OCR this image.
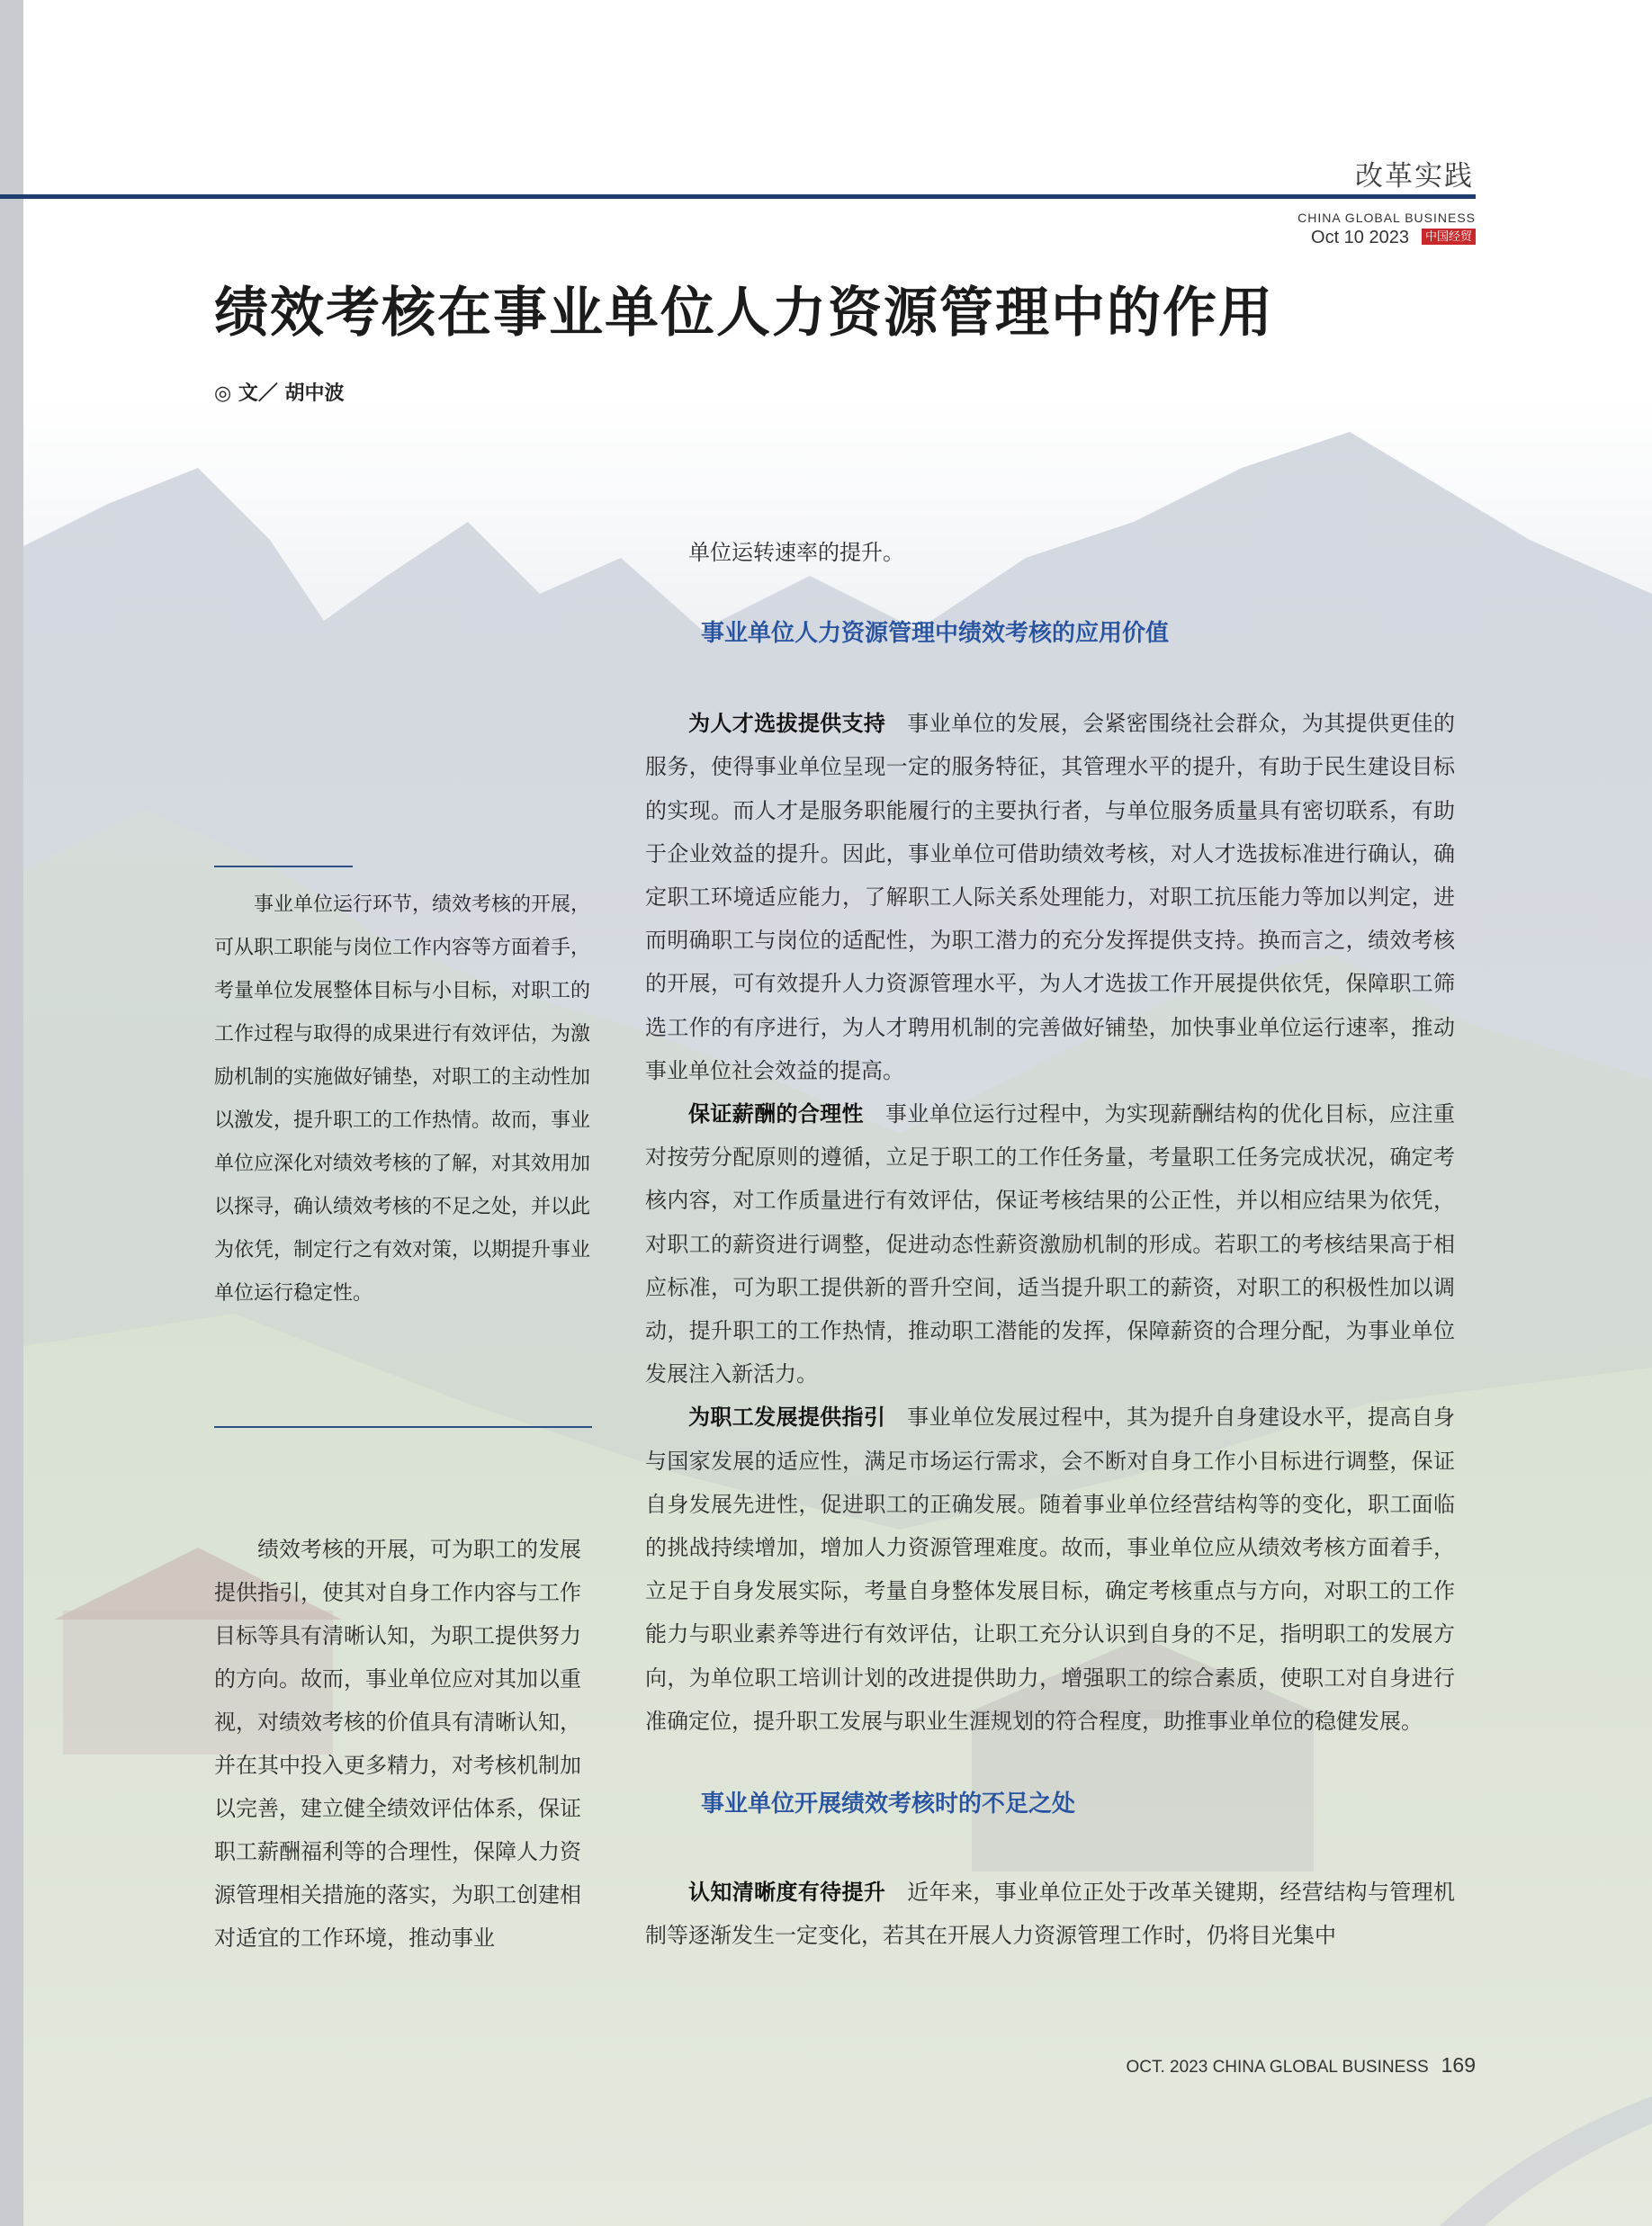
改革实践
CHINA GLOBAL BUSINESS
Oct 10 2023 中国经贸
绩效考核在事业单位人力资源管理中的作用
◎ 文／ 胡中波

事业单位运行环节，绩效考核的开展，可从职工职能与岗位工作内容等方面着手，考量单位发展整体目标与小目标，对职工的工作过程与取得的成果进行有效评估，为激励机制的实施做好铺垫，对职工的主动性加以激发，提升职工的工作热情。故而，事业单位应深化对绩效考核的了解，对其效用加以探寻，确认绩效考核的不足之处，并以此为依凭，制定行之有效对策，以期提升事业单位运行稳定性。

绩效考核的开展，可为职工的发展提供指引，使其对自身工作内容与工作目标等具有清晰认知，为职工提供努力的方向。故而，事业单位应对其加以重视，对绩效考核的价值具有清晰认知，并在其中投入更多精力，对考核机制加以完善，建立健全绩效评估体系，保证职工薪酬福利等的合理性，保障人力资源管理相关措施的落实，为职工创建相对适宜的工作环境，推动事业

单位运转速率的提升。

事业单位人力资源管理中绩效考核的应用价值

为人才选拔提供支持 事业单位的发展，会紧密围绕社会群众，为其提供更佳的服务，使得事业单位呈现一定的服务特征，其管理水平的提升，有助于民生建设目标的实现。而人才是服务职能履行的主要执行者，与单位服务质量具有密切联系，有助于企业效益的提升。因此，事业单位可借助绩效考核，对人才选拔标准进行确认，确定职工环境适应能力，了解职工人际关系处理能力，对职工抗压能力等加以判定，进而明确职工与岗位的适配性，为职工潜力的充分发挥提供支持。换而言之，绩效考核的开展，可有效提升人力资源管理水平，为人才选拔工作开展提供依凭，保障职工筛选工作的有序进行，为人才聘用机制的完善做好铺垫，加快事业单位运行速率，推动事业单位社会效益的提高。

保证薪酬的合理性 事业单位运行过程中，为实现薪酬结构的优化目标，应注重对按劳分配原则的遵循，立足于职工的工作任务量，考量职工任务完成状况，确定考核内容，对工作质量进行有效评估，保证考核结果的公正性，并以相应结果为依凭，对职工的薪资进行调整，促进动态性薪资激励机制的形成。若职工的考核结果高于相应标准，可为职工提供新的晋升空间，适当提升职工的薪资，对职工的积极性加以调动，提升职工的工作热情，推动职工潜能的发挥，保障薪资的合理分配，为事业单位发展注入新活力。

为职工发展提供指引 事业单位发展过程中，其为提升自身建设水平，提高自身与国家发展的适应性，满足市场运行需求，会不断对自身工作小目标进行调整，保证自身发展先进性，促进职工的正确发展。随着事业单位经营结构等的变化，职工面临的挑战持续增加，增加人力资源管理难度。故而，事业单位应从绩效考核方面着手，立足于自身发展实际，考量自身整体发展目标，确定考核重点与方向，对职工的工作能力与职业素养等进行有效评估，让职工充分认识到自身的不足，指明职工的发展方向，为单位职工培训计划的改进提供助力，增强职工的综合素质，使职工对自身进行准确定位，提升职工发展与职业生涯规划的符合程度，助推事业单位的稳健发展。

事业单位开展绩效考核时的不足之处

认知清晰度有待提升 近年来，事业单位正处于改革关键期，经营结构与管理机制等逐渐发生一定变化，若其在开展人力资源管理工作时，仍将目光集中

OCT. 2023 CHINA GLOBAL BUSINESS 169
